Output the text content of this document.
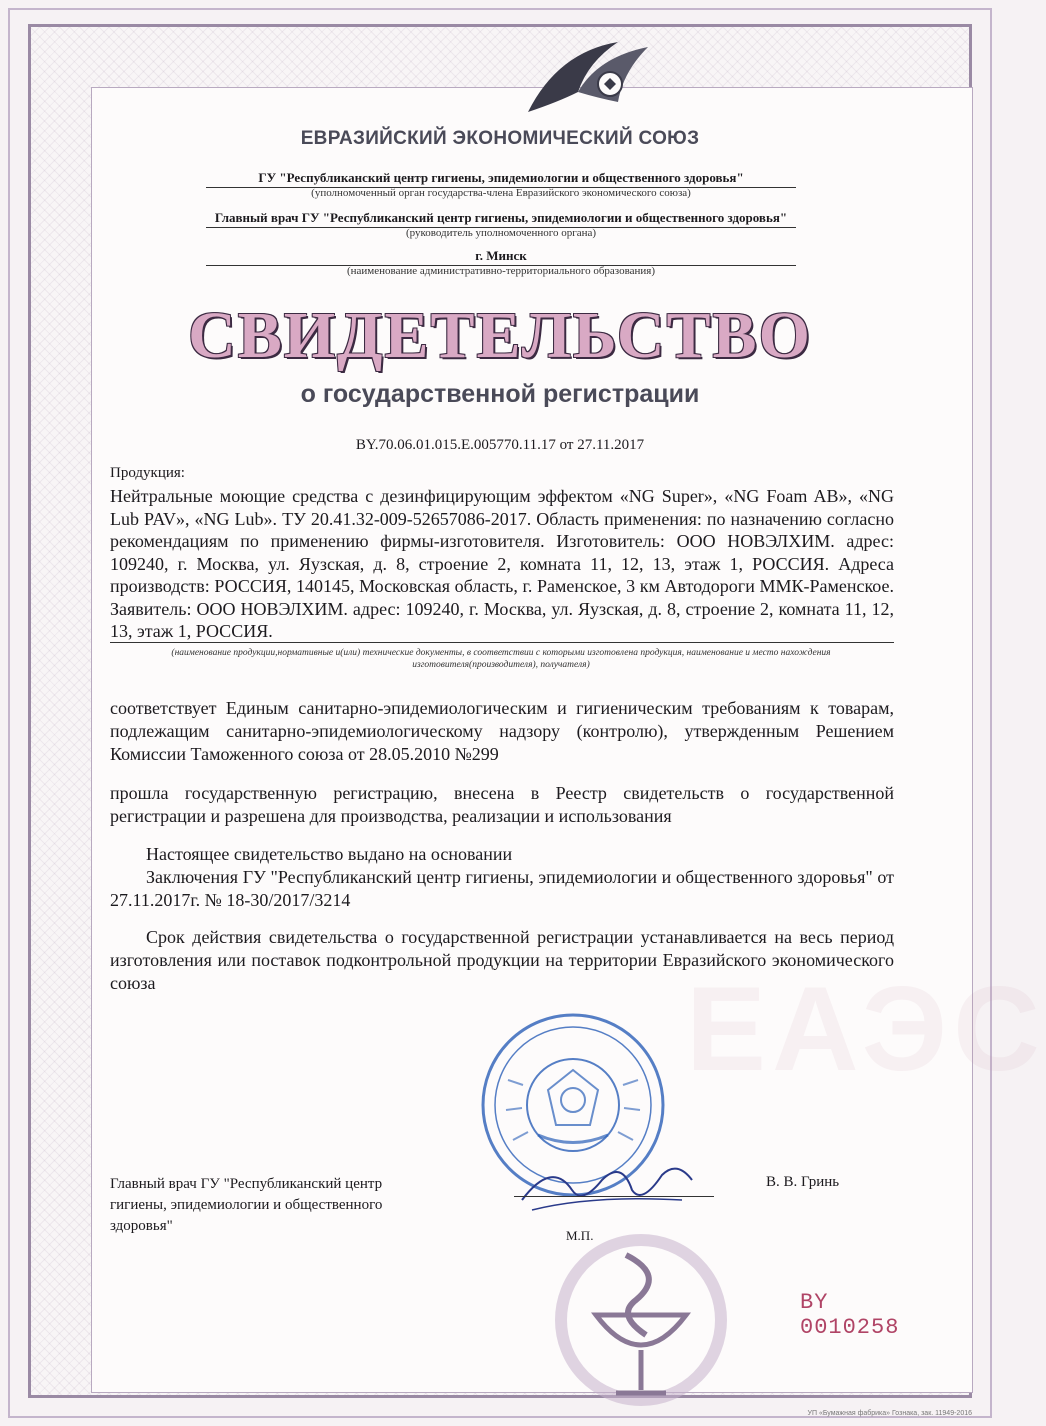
ЕВРАЗИЙСКИЙ ЭКОНОМИЧЕСКИЙ СОЮЗ
ГУ "Республиканский центр гигиены, эпидемиологии и общественного здоровья"
(уполномоченный орган государства-члена Евразийского экономического союза)
Главный врач ГУ "Республиканский центр гигиены, эпидемиологии и общественного здоровья"
(руководитель уполномоченного органа)
г. Минск
(наименование административно-территориального образования)
СВИДЕТЕЛЬСТВО
о государственной регистрации
BY.70.06.01.015.E.005770.11.17 от 27.11.2017
Продукция:
Нейтральные моющие средства с дезинфицирующим эффектом «NG Super», «NG Foam AB», «NG Lub PAV», «NG Lub». ТУ 20.41.32-009-52657086-2017. Область применения: по назначению согласно рекомендациям по применению фирмы-изготовителя. Изготовитель: ООО НОВЭЛХИМ. адрес: 109240, г. Москва, ул. Яузская, д. 8, строение 2, комната 11, 12, 13, этаж 1, РОССИЯ. Адреса производств: РОССИЯ, 140145, Московская область, г. Раменское, 3 км Автодороги ММК-Раменское. Заявитель: ООО НОВЭЛХИМ. адрес: 109240, г. Москва, ул. Яузская, д. 8, строение 2, комната 11, 12, 13, этаж 1, РОССИЯ.
(наименование продукции,нормативные и(или) технические документы, в соответствии с которыми изготовлена продукция, наименование и место нахождения изготовителя(производителя), получателя)
соответствует Единым санитарно-эпидемиологическим и гигиеническим требованиям к товарам, подлежащим санитарно-эпидемиологическому надзору (контролю), утвержденным Решением Комиссии Таможенного союза от 28.05.2010 №299
прошла государственную регистрацию, внесена в Реестр свидетельств о государственной регистрации и разрешена для производства, реализации и использования
Настоящее свидетельство выдано на основании
Заключения ГУ "Республиканский центр гигиены, эпидемиологии и общественного здоровья" от 27.11.2017г. № 18-30/2017/3214
Срок действия свидетельства о государственной регистрации устанавливается на весь период изготовления или поставок подконтрольной продукции на территории Евразийского экономического союза	ЕАЭС
Главный врач ГУ "Республиканский центр гигиены, эпидемиологии и общественного здоровья"
В. В. Гринь
М.П.
BY 0010258
УП «Бумажная фабрика» Гознака, зак. 11949-2016
